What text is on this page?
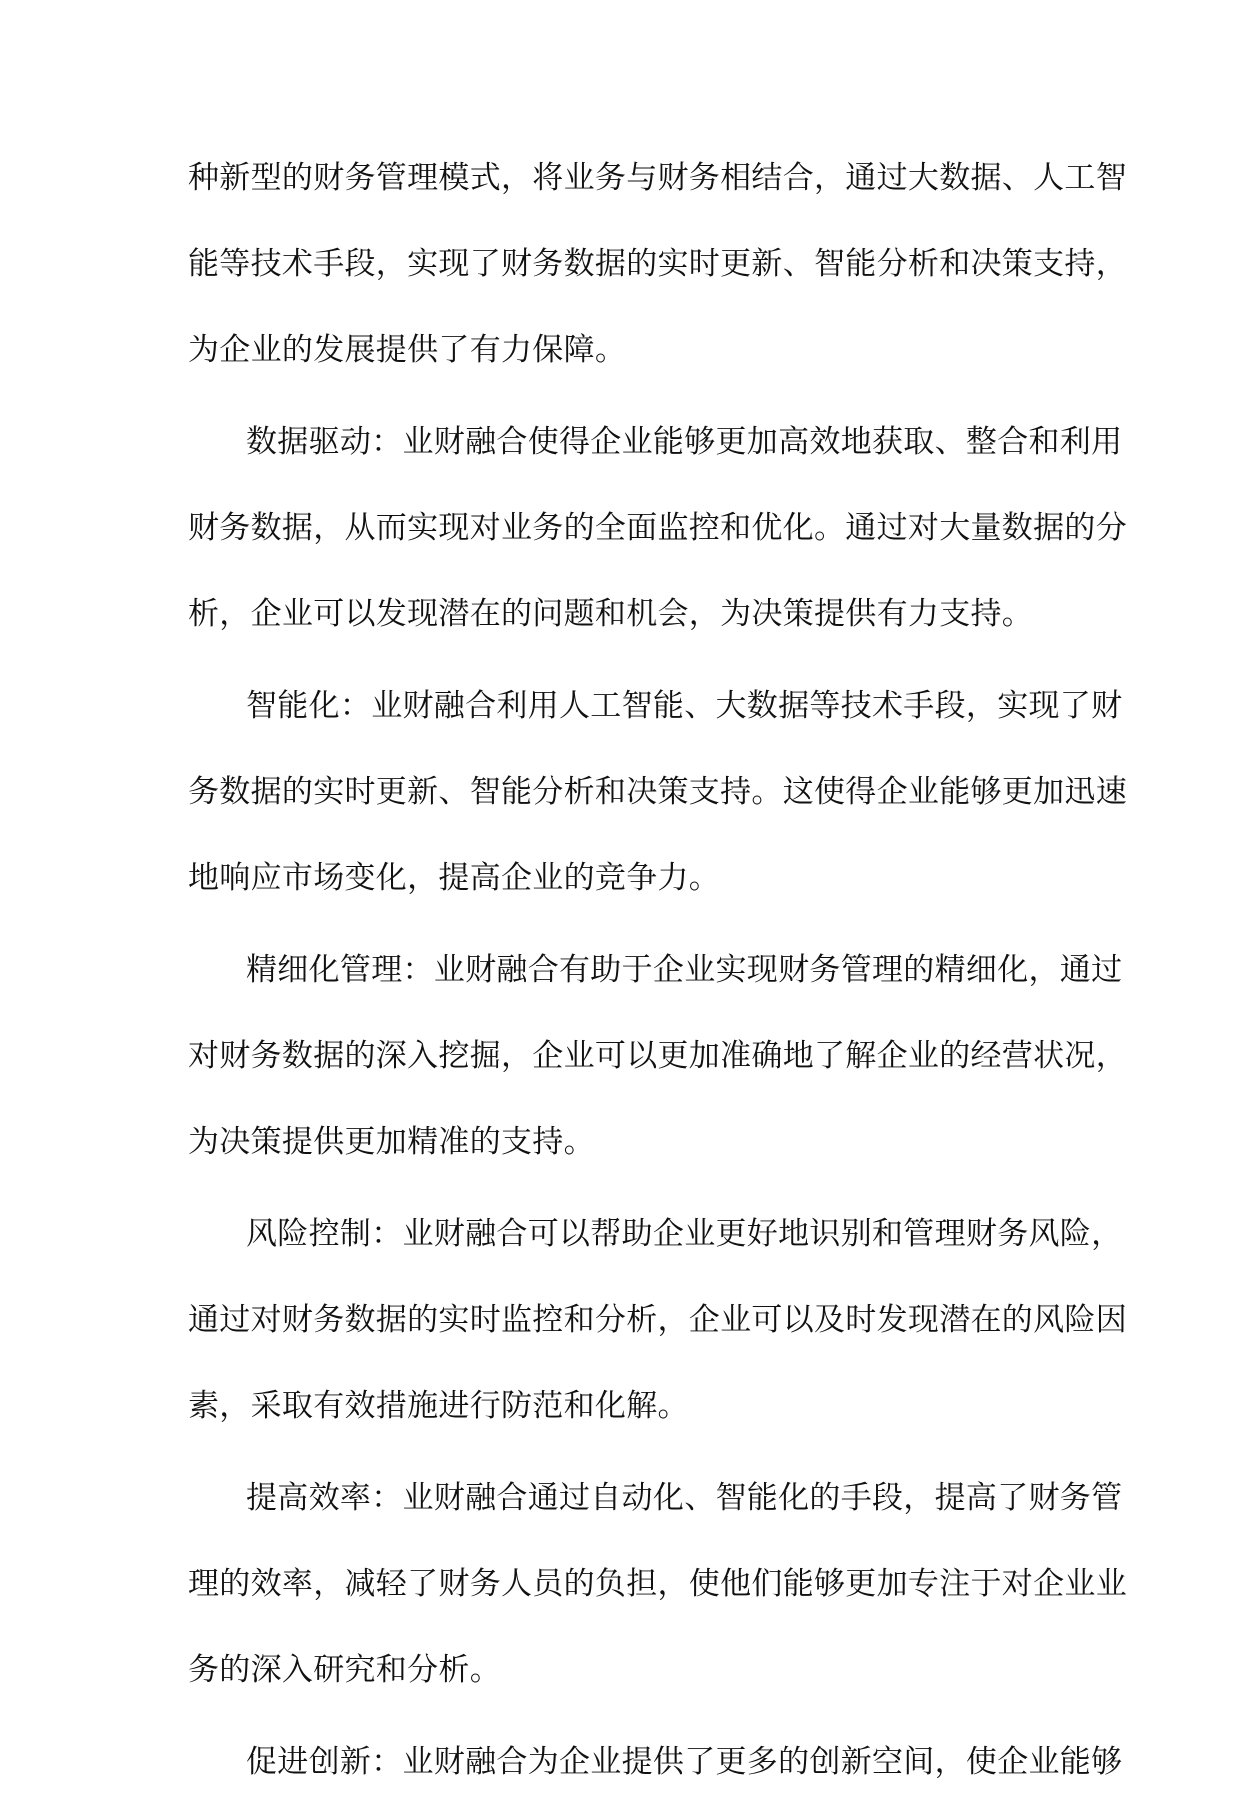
种新型的财务管理模式，将业务与财务相结合，通过大数据、人工智
能等技术手段，实现了财务数据的实时更新、智能分析和决策支持，
为企业的发展提供了有力保障。
数据驱动：业财融合使得企业能够更加高效地获取、整合和利用
财务数据，从而实现对业务的全面监控和优化。通过对大量数据的分
析，企业可以发现潜在的问题和机会，为决策提供有力支持。
智能化：业财融合利用人工智能、大数据等技术手段，实现了财
务数据的实时更新、智能分析和决策支持。这使得企业能够更加迅速
地响应市场变化，提高企业的竞争力。
精细化管理：业财融合有助于企业实现财务管理的精细化，通过
对财务数据的深入挖掘，企业可以更加准确地了解企业的经营状况，
为决策提供更加精准的支持。
风险控制：业财融合可以帮助企业更好地识别和管理财务风险，
通过对财务数据的实时监控和分析，企业可以及时发现潜在的风险因
素，采取有效措施进行防范和化解。
提高效率：业财融合通过自动化、智能化的手段，提高了财务管
理的效率，减轻了财务人员的负担，使他们能够更加专注于对企业业
务的深入研究和分析。
促进创新：业财融合为企业提供了更多的创新空间，使企业能够
